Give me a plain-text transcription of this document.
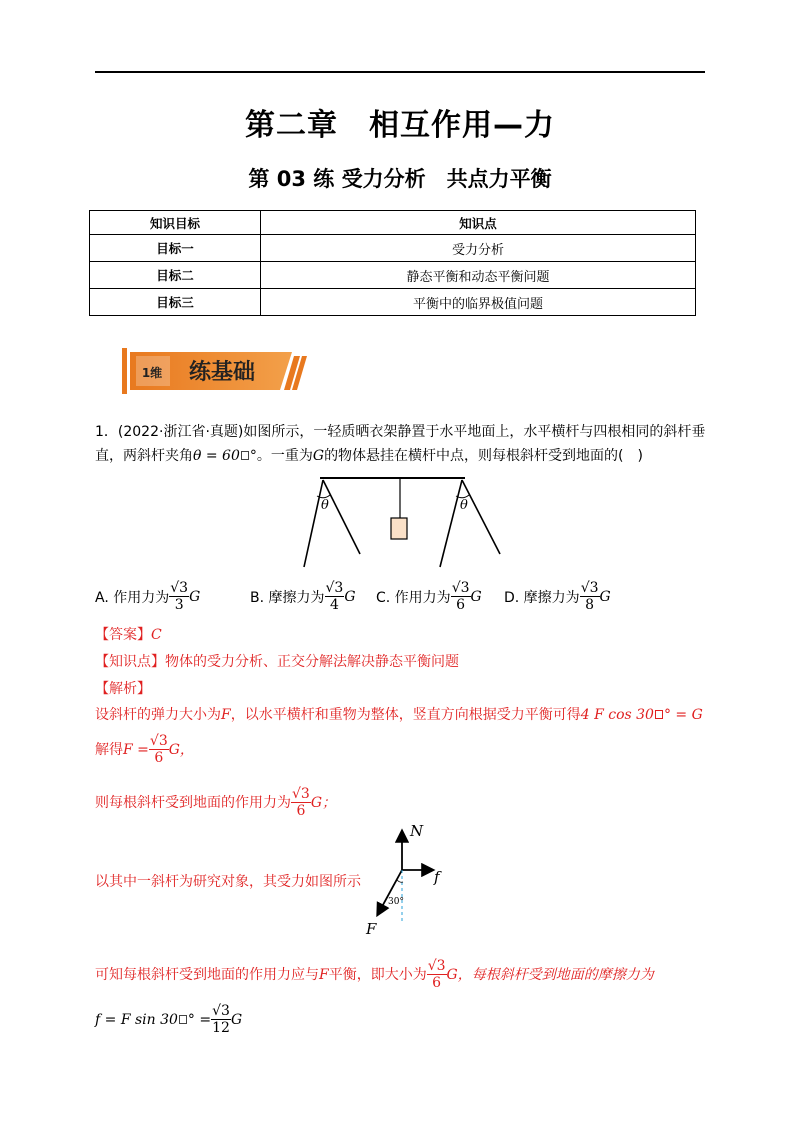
第二章　相互作用—力
第 03 练 受力分析　共点力平衡
知识目标	知识点
目标一	受力分析
目标二	静态平衡和动态平衡问题
目标三	平衡中的临界极值问题
1维 练基础
1．(2022·浙江省·真题)如图所示，一轻质晒衣架静置于水平地面上，水平横杆与四根相同的斜杆垂
直，两斜杆夹角θ = 60 °。一重为G的物体悬挂在横杆中点，则每根斜杆受到地面的(　)
θ	θ
A. 作用力为 $\frac{√3}{3}$ G	B. 摩擦力为 $\frac{√3}{4}$ G C. 作用力为 $\frac{√3}{6}$ G D. 摩擦力为 $\frac{√3}{8}$ G
【答案】C
【知识点】物体的受力分析、正交分解法解决静态平衡问题
【解析】
设斜杆的弹力大小为F，以水平横杆和重物为整体，竖直方向根据受力平衡可得4 F cos 30 ° = G
解得 $F = \frac{√3}{6}$ G，
则每根斜杆受到地面的作用力为 $\frac{√3}{6}$ G；
以其中一斜杆为研究对象，其受力如图所示
N
f
F
30°
可知每根斜杆受到地面的作用力应与 F 平衡，即大小为 $\frac{√3}{6}$ G，每根斜杆受到地面的摩擦力为
f = F sin 30 ° = $\frac{√3}{12}$ G
